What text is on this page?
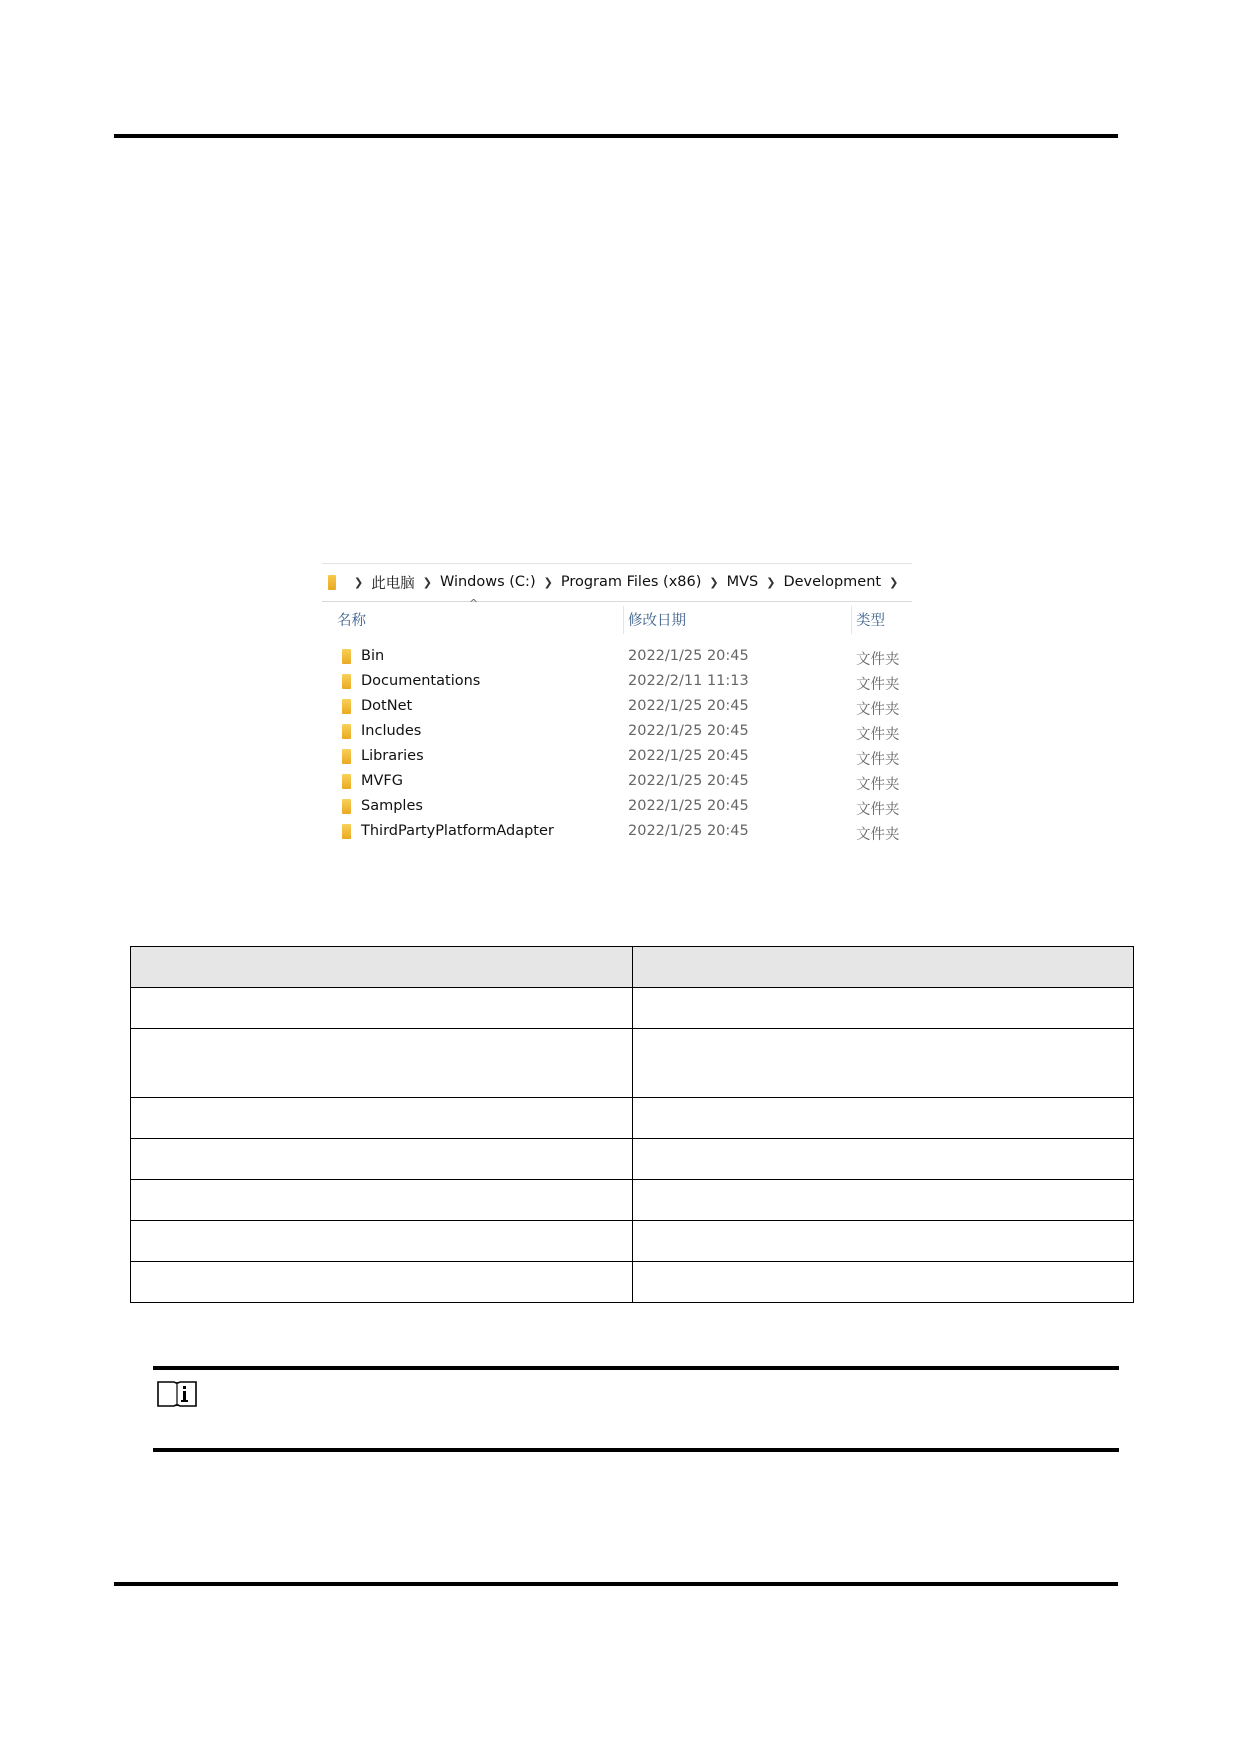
❯ 此电脑 ❯ Windows (C:) ❯ Program Files (x86) ❯ MVS ❯ Development ❯
^
名称	修改日期	类型
Bin	2022/1/25 20:45	文件夹
Documentations	2022/2/11 11:13	文件夹
DotNet	2022/1/25 20:45	文件夹
Includes	2022/1/25 20:45	文件夹
Libraries	2022/1/25 20:45	文件夹
MVFG	2022/1/25 20:45	文件夹
Samples	2022/1/25 20:45	文件夹
ThirdPartyPlatformAdapter	2022/1/25 20:45	文件夹
